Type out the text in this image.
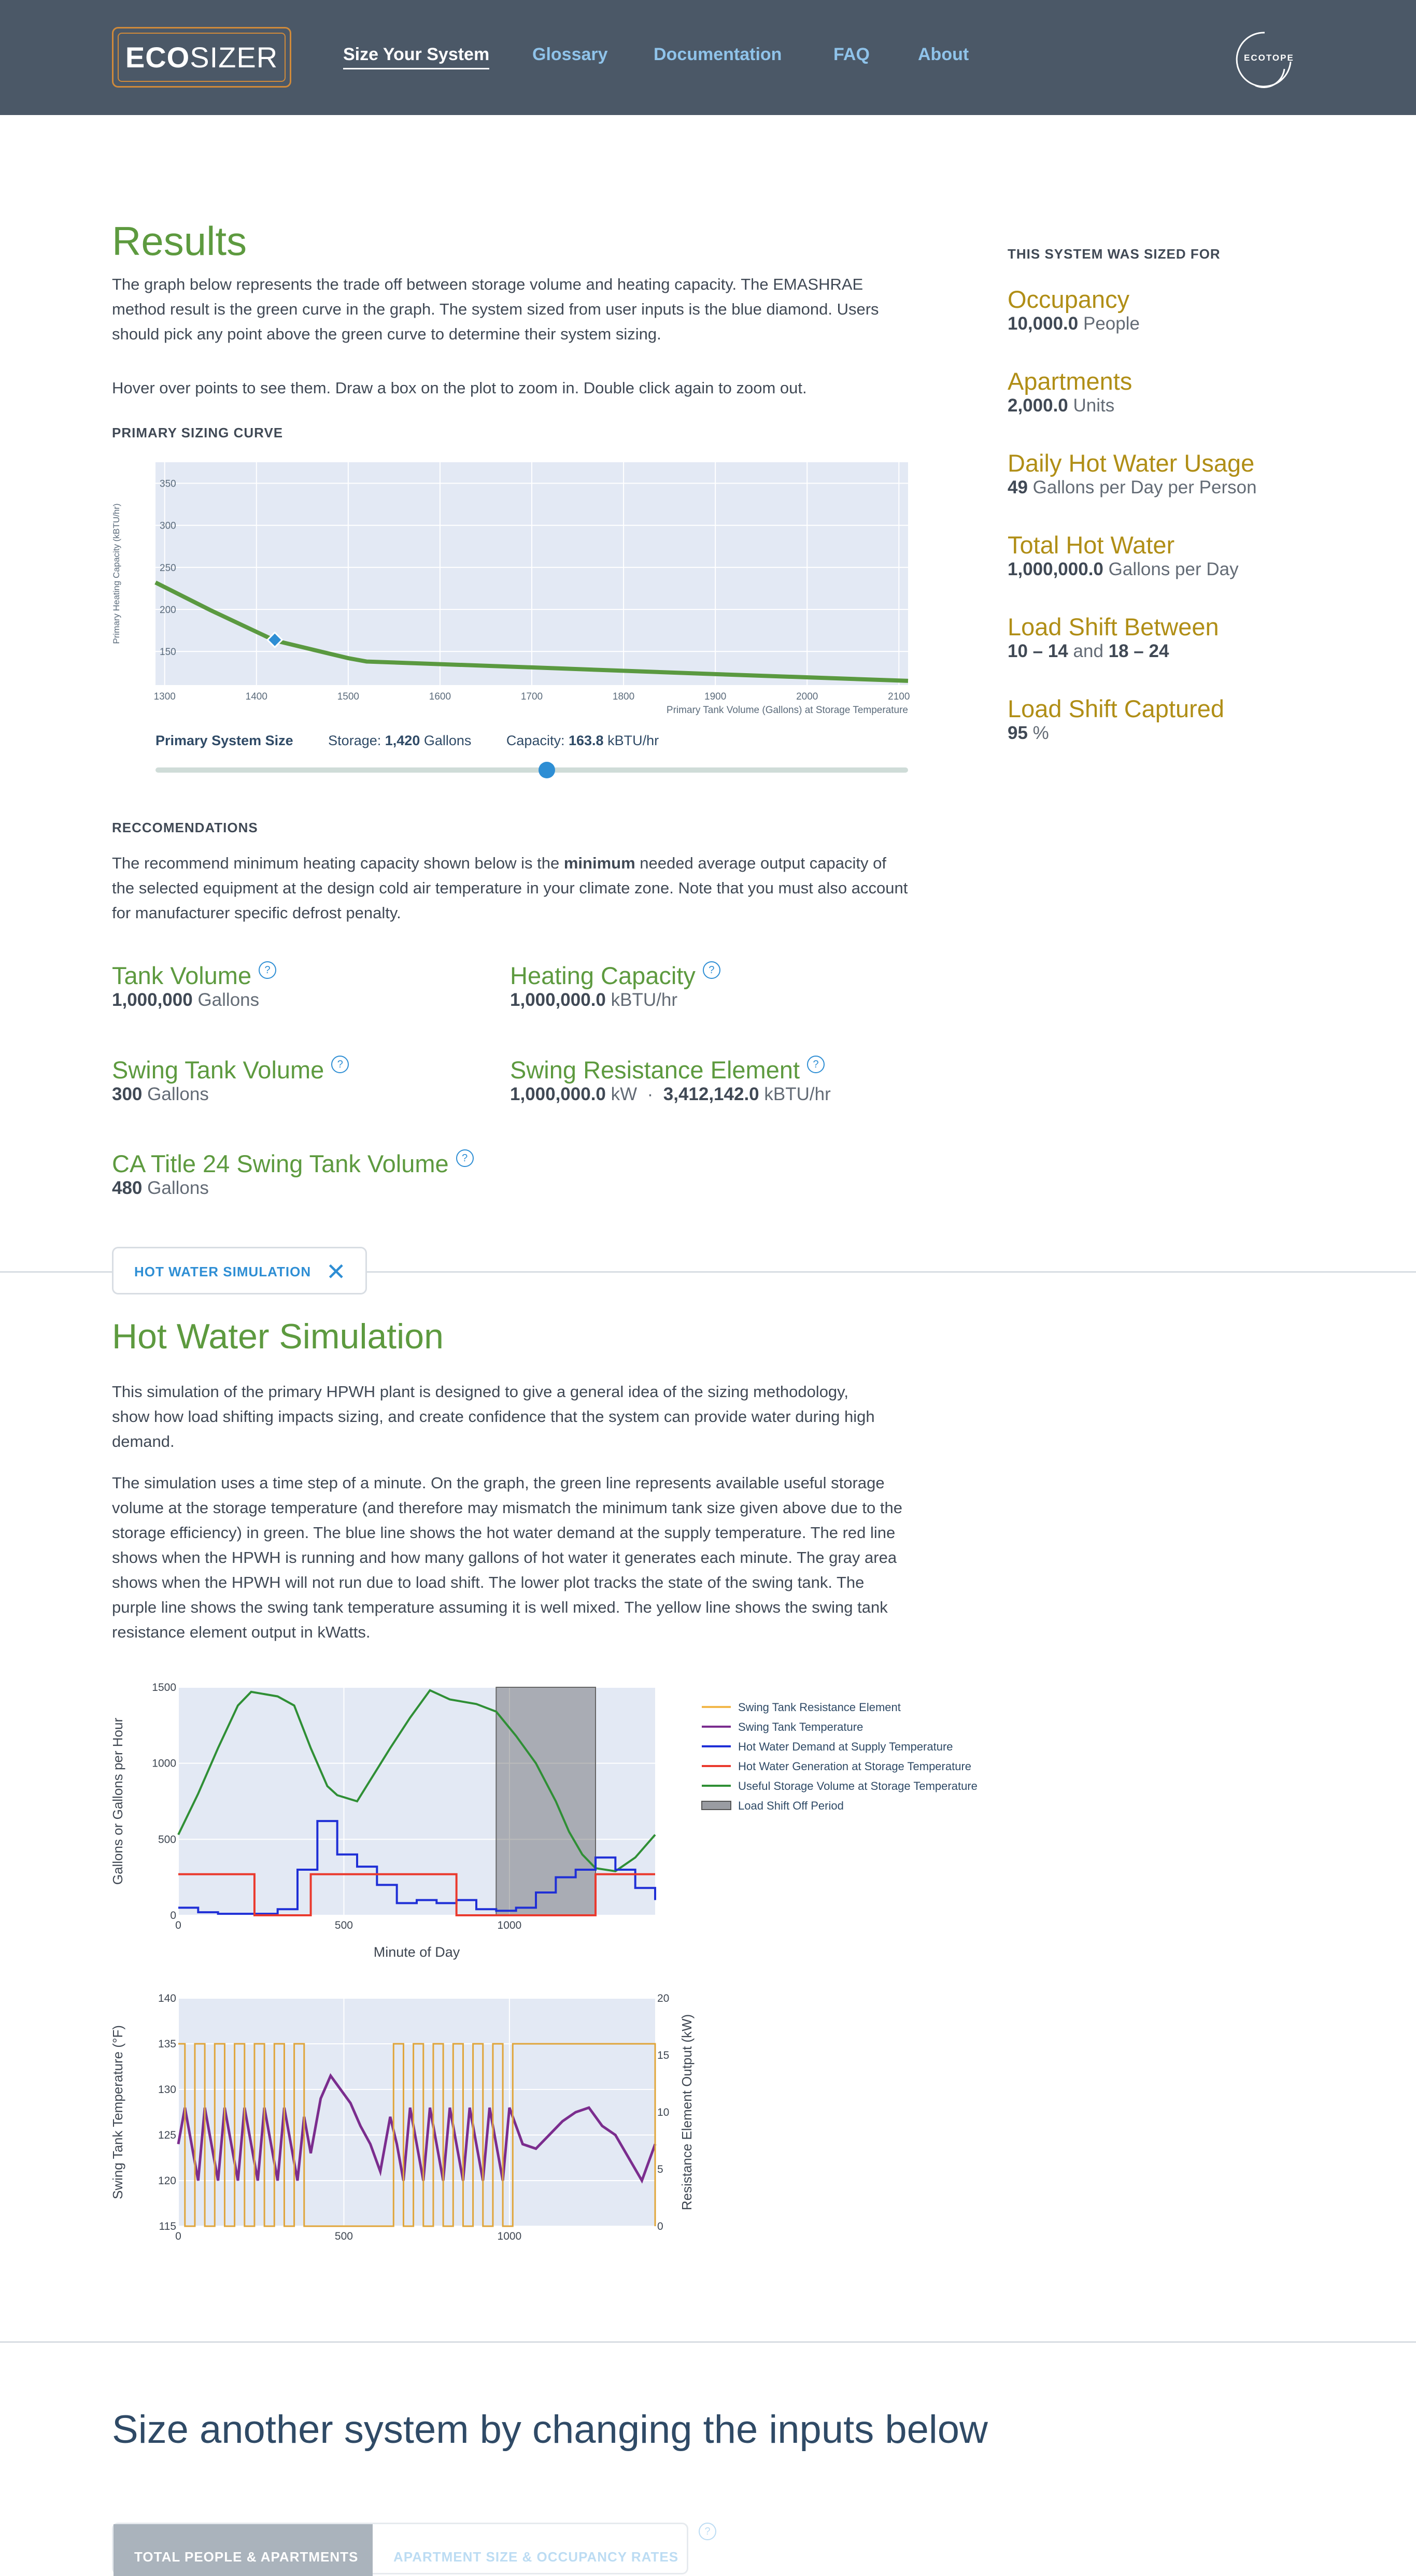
ECO SIZER	Size Your System Glossary	Documentation	FAQ	About	ECOTOPE
Results

The graph below represents the trade off between storage volume and heating capacity. The EMASHRAE method result is the green curve in the graph. The system sized from user inputs is the blue diamond. Users should pick any point above the green curve to determine their system sizing.

Hover over points to see them. Draw a box on the plot to zoom in. Double click again to zoom out.

PRIMARY SIZING CURVE
1300	1400	1500	1600	1700	1800	1900	2000	2100
150
200
250
300
350
Primary Tank Volume (Gallons) at Storage Temperature
Primary Heating Capacity (kBTU/hr)
Primary System Size	Storage: 1,420 Gallons	Capacity: 163.8 kBTU/hr
THIS SYSTEM WAS SIZED FOR
Occupancy
10,000.0 People
Apartments
2,000.0 Units
Daily Hot Water Usage
49 Gallons per Day per Person
Total Hot Water
1,000,000.0 Gallons per Day
Load Shift Between
10 – 14 and 18 – 24
Load Shift Captured
95 %
RECCOMENDATIONS

The recommend minimum heating capacity shown below is the minimum needed average output capacity of the selected equipment at the design cold air temperature in your climate zone. Note that you must also account for manufacturer specific defrost penalty.

Tank Volume ?
1,000,000 Gallons
Heating Capacity ?
1,000,000.0 kBTU/hr
Swing Tank Volume ?
300 Gallons
Swing Resistance Element ?
1,000,000.0 kW · 3,412,142.0 kBTU/hr
CA Title 24 Swing Tank Volume ?
480 Gallons
HOT WATER SIMULATION ✕
Hot Water Simulation

This simulation of the primary HPWH plant is designed to give a general idea of the sizing methodology, show how load shifting impacts sizing, and create confidence that the system can provide water during high demand.

The simulation uses a time step of a minute. On the graph, the green line represents available useful storage volume at the storage temperature (and therefore may mismatch the minimum tank size given above due to the storage efficiency) in green. The blue line shows the hot water demand at the supply temperature. The red line shows when the HPWH is running and how many gallons of hot water it generates each minute. The gray area shows when the HPWH will not run due to load shift. The lower plot tracks the state of the swing tank. The purple line shows the swing tank temperature assuming it is well mixed. The yellow line shows the swing tank resistance element output in kWatts.

0	500	1000
0
500
1000
1500
Minute of Day
Gallons or Gallons per Hour
Swing Tank Resistance Element
Swing Tank Temperature
Hot Water Demand at Supply Temperature
Hot Water Generation at Storage Temperature
Useful Storage Volume at Storage Temperature
Load Shift Off Period
0	500	1000
115
120
125
130
135
140
0
5
10
15
20
Swing Tank Temperature (°F)	Resistance Element Output (kW)
Size another system by changing the inputs below
TOTAL PEOPLE & APARTMENTS	APARTMENT SIZE & OCCUPANCY RATES
?
